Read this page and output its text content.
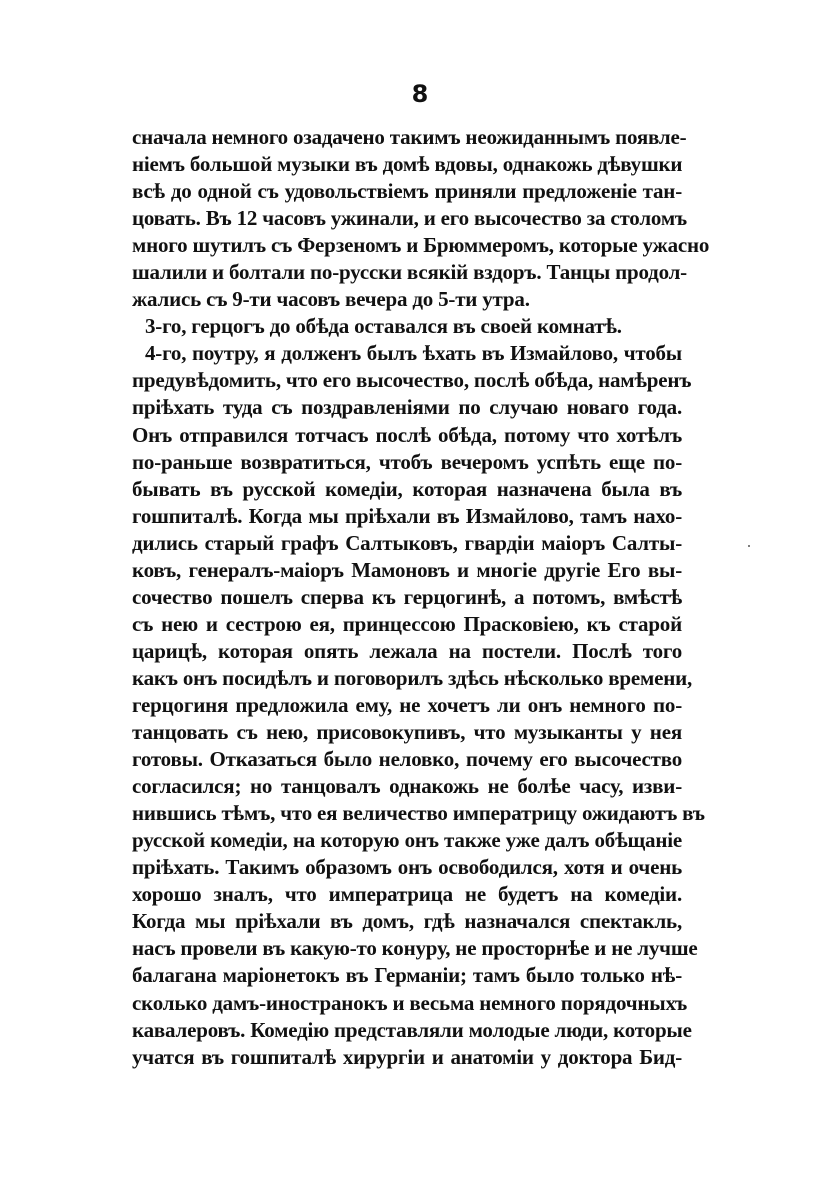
8
сначала немного озадачено такимъ неожиданнымъ появле-
ніемъ большой музыки въ домѣ вдовы, однакожь дѣвушки
всѣ до одной съ удовольствіемъ приняли предложеніе тан-
цовать. Въ 12 часовъ ужинали, и его высочество за столомъ
много шутилъ съ Ферзеномъ и Брюммеромъ, которые ужасно
шалили и болтали по-русски всякій вздоръ. Танцы продол-
жались съ 9-ти часовъ вечера до 5-ти утра.
3-го, герцогъ до обѣда оставался въ своей комнатѣ.
4-го, поутру, я долженъ былъ ѣхать въ Измайлово, чтобы
предувѣдомить, что его высочество, послѣ обѣда, намѣренъ
пріѣхать туда съ поздравленіями по случаю новаго года.
Онъ отправился тотчасъ послѣ обѣда, потому что хотѣлъ
по-раньше возвратиться, чтобъ вечеромъ успѣть еще по-
бывать въ русской комедіи, которая назначена была въ
гошпиталѣ. Когда мы пріѣхали въ Измайлово, тамъ нахо-
дились старый графъ Салтыковъ, гвардіи маіоръ Салты-
ковъ, генералъ-маіоръ Мамоновъ и многіе другіе Его вы-
сочество пошелъ сперва къ герцогинѣ, а потомъ, вмѣстѣ
съ нею и сестрою ея, принцессою Прасковіею, къ старой
царицѣ, которая опять лежала на постели. Послѣ того
какъ онъ посидѣлъ и поговорилъ здѣсь нѣсколько времени,
герцогиня предложила ему, не хочетъ ли онъ немного по-
танцовать съ нею, присовокупивъ, что музыканты у нея
готовы. Отказаться было неловко, почему его высочество
согласился; но танцовалъ однакожь не болѣе часу, изви-
нившись тѣмъ, что ея величество императрицу ожидаютъ въ
русской комедіи, на которую онъ также уже далъ обѣщаніе
пріѣхать. Такимъ образомъ онъ освободился, хотя и очень
хорошо зналъ, что императрица не будетъ на комедіи.
Когда мы пріѣхали въ домъ, гдѣ назначался спектакль,
насъ провели въ какую-то конуру, не просторнѣе и не лучше
балагана маріонетокъ въ Германіи; тамъ было только нѣ-
сколько дамъ-иностранокъ и весьма немного порядочныхъ
кавалеровъ. Комедію представляли молодые люди, которые
учатся въ гошпиталѣ хирургіи и анатоміи у доктора Бид-
